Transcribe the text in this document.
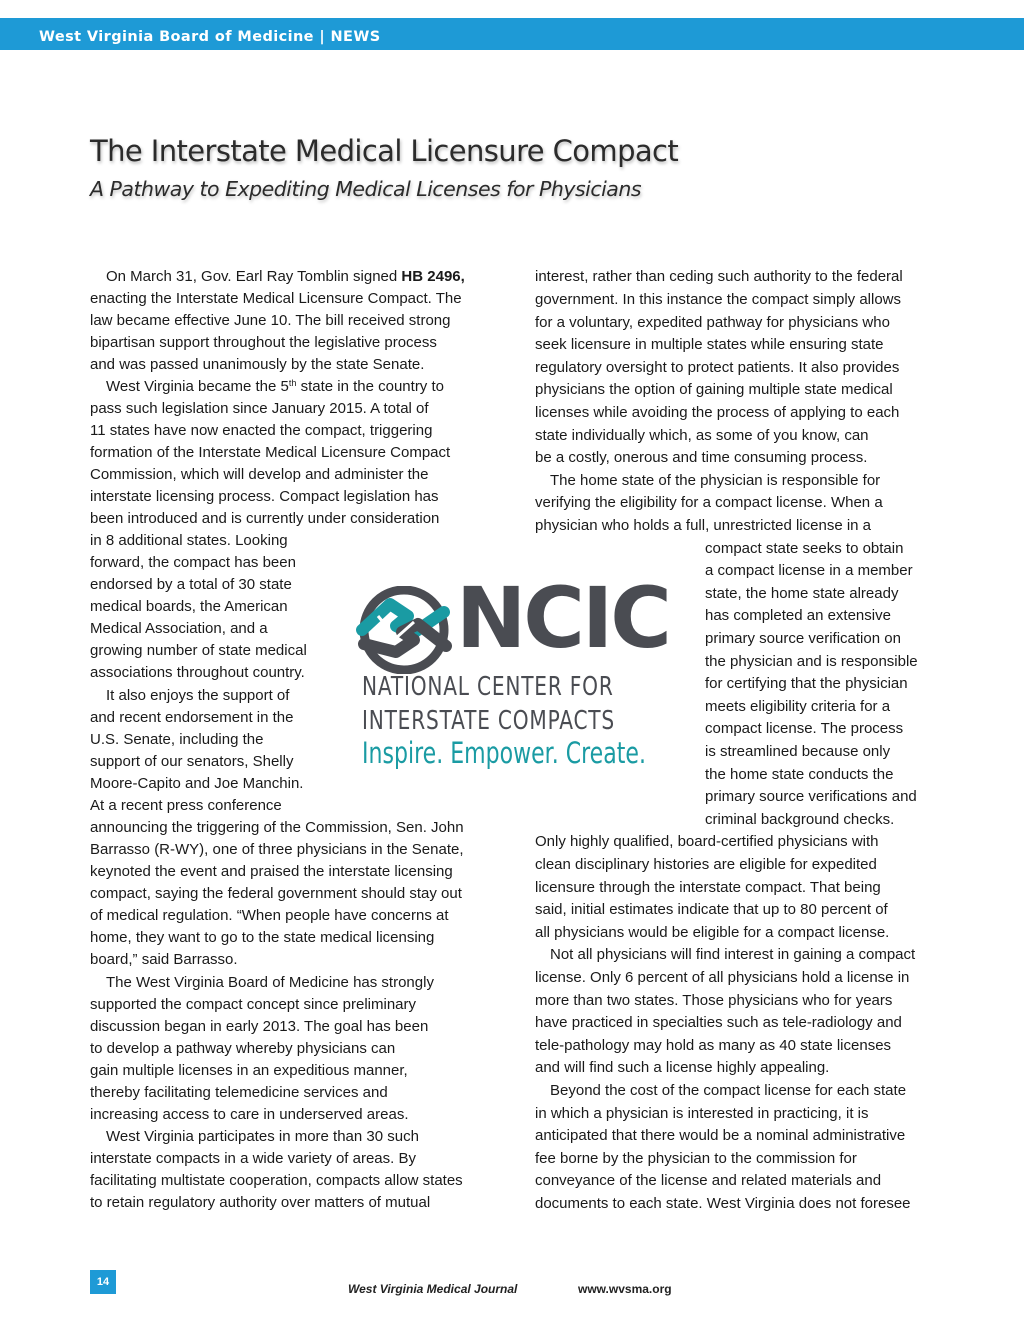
West Virginia Board of Medicine | NEWS
The Interstate Medical Licensure Compact
A Pathway to Expediting Medical Licenses for Physicians
On March 31, Gov. Earl Ray Tomblin signed HB 2496,
enacting the Interstate Medical Licensure Compact. The
law became effective June 10. The bill received strong
bipartisan support throughout the legislative process
and was passed unanimously by the state Senate.
West Virginia became the 5th state in the country to
pass such legislation since January 2015. A total of
11 states have now enacted the compact, triggering
formation of the Interstate Medical Licensure Compact
Commission, which will develop and administer the
interstate licensing process. Compact legislation has
been introduced and is currently under consideration
in 8 additional states. Looking
forward, the compact has been
endorsed by a total of 30 state
medical boards, the American
Medical Association, and a
growing number of state medical
associations throughout country.
It also enjoys the support of
and recent endorsement in the
U.S. Senate, including the
support of our senators, Shelly
Moore-Capito and Joe Manchin.
At a recent press conference
announcing the triggering of the Commission, Sen. John
Barrasso (R-WY), one of three physicians in the Senate,
keynoted the event and praised the interstate licensing
compact, saying the federal government should stay out
of medical regulation. “When people have concerns at
home, they want to go to the state medical licensing
board,” said Barrasso.
The West Virginia Board of Medicine has strongly
supported the compact concept since preliminary
discussion began in early 2013. The goal has been
to develop a pathway whereby physicians can
gain multiple licenses in an expeditious manner,
thereby facilitating telemedicine services and
increasing access to care in underserved areas.
West Virginia participates in more than 30 such
interstate compacts in a wide variety of areas. By
facilitating multistate cooperation, compacts allow states
to retain regulatory authority over matters of mutual
interest, rather than ceding such authority to the federal
government. In this instance the compact simply allows
for a voluntary, expedited pathway for physicians who
seek licensure in multiple states while ensuring state
regulatory oversight to protect patients. It also provides
physicians the option of gaining multiple state medical
licenses while avoiding the process of applying to each
state individually which, as some of you know, can
be a costly, onerous and time consuming process.
The home state of the physician is responsible for
verifying the eligibility for a compact license. When a
physician who holds a full, unrestricted license in a
compact state seeks to obtain
a compact license in a member
state, the home state already
has completed an extensive
primary source verification on
the physician and is responsible
for certifying that the physician
meets eligibility criteria for a
compact license. The process
is streamlined because only
the home state conducts the
primary source verifications and
criminal background checks.
Only highly qualified, board-certified physicians with
clean disciplinary histories are eligible for expedited
licensure through the interstate compact. That being
said, initial estimates indicate that up to 80 percent of
all physicians would be eligible for a compact license.
Not all physicians will find interest in gaining a compact
license. Only 6 percent of all physicians hold a license in
more than two states. Those physicians who for years
have practiced in specialties such as tele-radiology and
tele-pathology may hold as many as 40 state licenses
and will find such a license highly appealing.
Beyond the cost of the compact license for each state
in which a physician is interested in practicing, it is
anticipated that there would be a nominal administrative
fee borne by the physician to the commission for
conveyance of the license and related materials and
documents to each state. West Virginia does not foresee
NCIC
NATIONAL CENTER FOR
INTERSTATE COMPACTS
Inspire. Empower. Create.
14	West Virginia Medical Journal	www.wvsma.org
